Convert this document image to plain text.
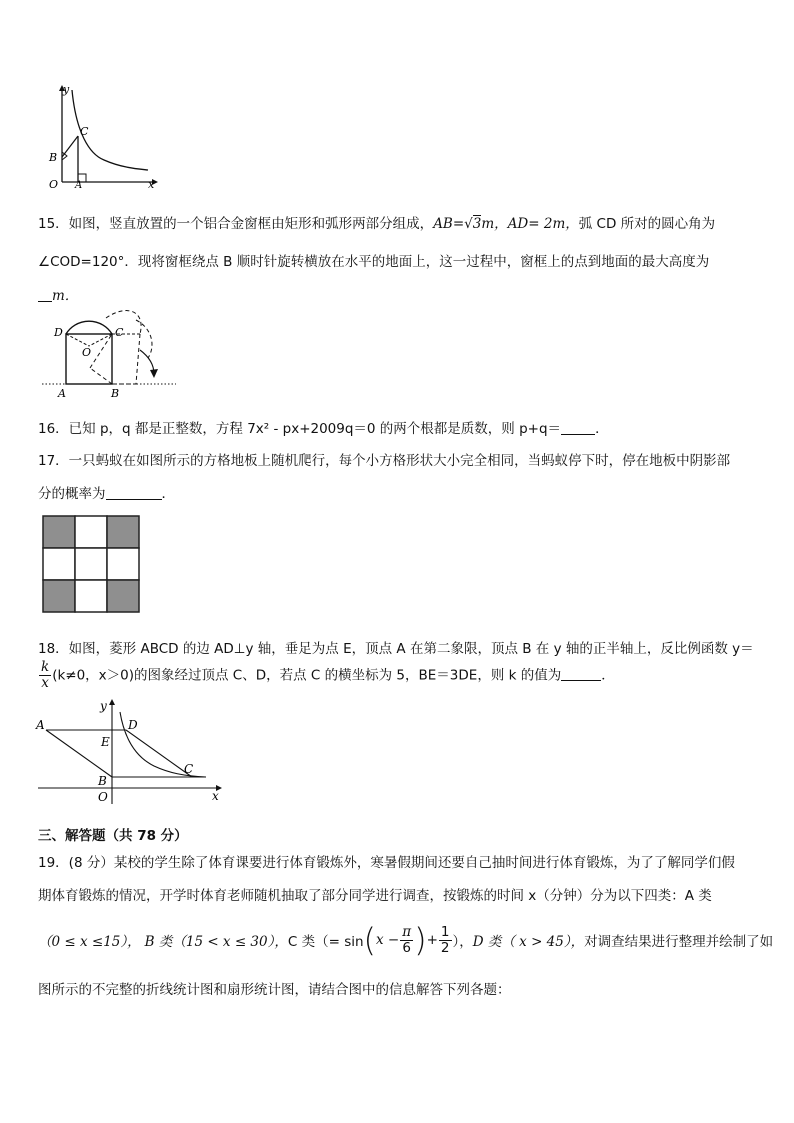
y
C
B
O A	x
15．如图，竖直放置的一个铝合金窗框由矩形和弧形两部分组成，AB=√3m，AD= 2m，弧 CD 所对的圆心角为
∠COD=120°．现将窗框绕点 B 顺时针旋转横放在水平的地面上，这一过程中，窗框上的点到地面的最大高度为
m．
D	C
O
A	B
16．已知 p，q 都是正整数，方程 7x² - px+2009q＝0 的两个根都是质数，则 p+q＝	．
17．一只蚂蚁在如图所示的方格地板上随机爬行，每个小方格形状大小完全相同，当蚂蚁停下时，停在地板中阴影部
分的概率为	．
18．如图，菱形 ABCD 的边 AD⊥y 轴，垂足为点 E，顶点 A 在第二象限，顶点 B 在 y 轴的正半轴上，反比例函数 y＝
$\frac{k}{x} (k\ne 0$，x＞0)的图象经过顶点 C、D，若点 C 的横坐标为 5，BE＝3DE，则 k 的值为	．
y
A	D
E
C
B
O	x
三、解答题（共 78 分）
19．(8 分）某校的学生除了体育课要进行体育锻炼外，寒暑假期间还要自己抽时间进行体育锻炼，为了了解同学们假
期体育锻炼的情况，开学时体育老师随机抽取了部分同学进行调查，按锻炼的时间 x（分钟）分为以下四类：A 类
（0 ≤ x ≤15）， B 类（15 < x ≤ 30）， C 类（= sin ( $x - \frac{\pi}{6}$ ) + $\frac{1}{2}$ ）， D 类（ x > 45）， 对调查结果进行整理并绘制了如
图所示的不完整的折线统计图和扇形统计图，请结合图中的信息解答下列各题：
